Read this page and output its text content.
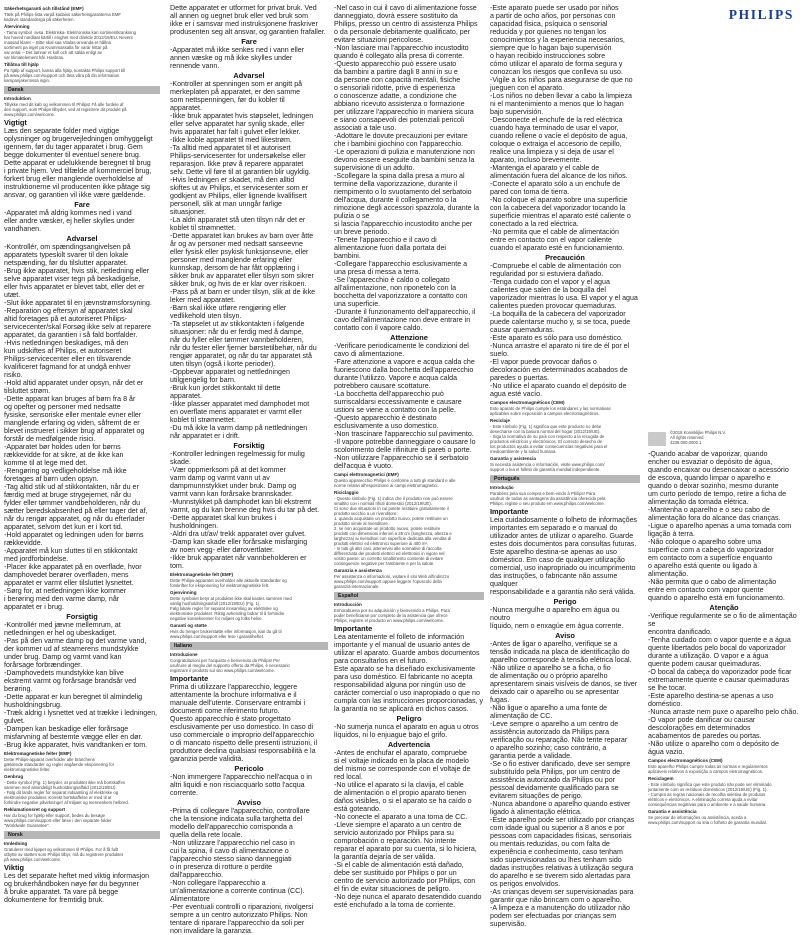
PHILIPS
Säkerhetsgaranti och tillstånd (EMF)

Tänk på Philips-lista varpå kadaiss säkerhetsgaranterna EMF
kadavis standarderga på säkerheten.

Återvinning

- Tama symbol  avsa. Elektriska- Elektroniska kan sortimentkrankning
har hoved nördlaat kärtill i enighet med direktiv 2012/19/EU. Nevent
massad klaret -- Bitte skal saa Vitalas-anvanda et hållna
sortiment pa inget pa Kvarnmassalla för varar hittar på
var antal -- Det lamnar et koll och att sälda enligt av
var klimatelement hål. Hasbras.

Tillåtna till hjälp

Pa hjälp af support, kansa alla hjälp, kontakta Philips support till
på www.philips.com/support och läsa våra på din information
kampanjakernissa ingin.

Dansk
Introduktion

Tillykke med dit køb og velkommen til Philips! Få alle fordele af
den support, som Philips tilbyder, ved at registrere dit produkt på
www.philips.com/welcome.

Vigtigt

Læs den separate folder med vigtige
oplysninger og brugervejledningen omhyggeligt
igennem, før du tager apparatet i brug. Gem
begge dokumenter til eventuel senere brug.
Dette apparat er udelukkende beregnet til brug
i private hjem. Ved tilfælde af kommerciel brug,
forkert brug eller manglende overholdelse af
instruktionerne vil producenten ikke påtage sig
ansvar, og garantien vil ikke være gældende.

Fare

-Apparatet må aldrig kommes ned i vand
eller andre væsker, ej heller skylles under
vandhanen.

Advarsel

-Kontrollér, om spændingsangivelsen på
apparatets typeskilt svarer til den lokale
netspænding, før du tilslutter apparatet.
-Brug ikke apparatet, hvis stik, netledning eller
selve apparatet viser tegn på beskadigelse,
eller hvis apparatet er blevet tabt, eller det er
utæt.
-Slut ikke apparatet til en jævnstrømsforsyning.
-Reparation og eftersyn af apparatet skal
altid foretages på et autoriseret Philips-
servicecenter/skal Forsøg ikke selv at reparere
apparatet, da garantien i så fald bortfalder.
-Hvis netledningen beskadiges, må den
kun udskiftes af Philips, et autoriseret
Philips-servicecenter eller en tilsvarende
kvalificeret fagmand for at undgå enhver
risiko.
-Hold altid apparatet under opsyn, når det er
tilsluttet strøm.
-Dette apparat kan bruges af børn fra 8 år
og opefter og personer med nedsatte
fysiske, sensoriske eller mentale evner eller
manglende erfaring og viden, såfremt de er
blevet instrueret i sikker brug af apparatet og
forstår de medfølgende risici.
-Apparatet bør holdes uden for børns
rækkevidde for at sikre, at de ikke kan
komme til at lege med det.
-Rengøring og vedligeholdelse må ikke
foretages af børn uden opsyn.
-Tag altid stik ud af stikkontakten, når du er
færdig med at bruge strygejernet, når du
fylder eller tømmer vandbeholderen, når du
sætter beredskabsenhed på eller tager det af,
når du rengør apparatet, og når du efterlader
apparatet, selvom det kun er i kort tid.
-Hold apparatet og ledningen uden for børns
rækkevidde.
-Apparatet må kun sluttes til en stikkontakt
med jordforbindelse.
-Placer ikke apparatet på en overflade, hvor
damphovedet berører overfladen, mens
apparatet er varmt eller tilsluttet lysnettet.
-Sørg for, at netledningen ikke kommer
i berøring med den varme damp, når
apparatet er i brug.

Forsigtig

-Kontrollér med jævne mellemrum, at
netledningen er hel og ubeskadiget.
-Pas på den varme damp og det varme vand,
der kommer ud af steamerens mundstykke
under brug. Damp og varmt vand kan
forårsage forbrændinger.
-Damphovedets mundstykke kan blive
ekstremt varmt og forårsage brandsår ved
berøring.
-Dette apparat er kun beregnet til almindelig
husholdningsbrug.
-Træk aldrig i lysnettet ved at trække i ledningen,
gulvet.
-Dampen kan beskadige eller forårsage
misfarvning af bestemte vægge eller en dør.
-Brug ikke apparatet, hvis vandtanken er tom.

Elektromagnetiske felter (EMF)

Dette Philips-apparat overholder alle branchens
gældende standarder og regler angående eksponering for
elektromagnetiske felter.

Genbrug

- Dette symbol (Fig. 1) betyder, at produktet ikke må bortskaffes
sammen med almindeligt husholdningsaffald (2012/19/EU).
- Følg dit lands regler for separat indsamling af elektriske og
elektroniske produkter. Korrekt bortskaffelse er med til at
forhindre negative påvirkninger af miljøet og menneskers helbred.

Reklamationsret og support

Har du brug for hjælp eller support, bedes du besøge
www.philips.com/support eller læse i den separate folder
"Worldwide Guarantee".

Norsk
Innledning

Gratulerer med kjøpet og velkommen til Philips. For å få fullt
utbytte av støtten som Philips tilbyr, må du registrere produktet
på www.philips.com/welcome.

Viktig

Les det separate heftet med viktig informasjon
og brukerhåndboken nøye før du begynner
å bruke apparatet. Ta vare på begge
dokumentene for fremtidig bruk.

Dette apparatet er utformet for privat bruk. Ved
all annen og uegnet bruk eller ved bruk som
ikke er i samsvar med instruksjonene fraskriver
produsenten seg alt ansvar, og garantien frafaller.

Fare

-Apparatet må ikke senkes ned i vann eller
annen væske og må ikke skylles under
rennende vann.

Advarsel

-Kontroller at spenningen som er angitt på
merkeplaten på apparatet, er den samme
som nettspenningen, før du kobler til
apparatet.
-Ikke bruk apparatet hvis støpselet, ledningen
eller selve apparatet har synlig skade, eller
hvis apparatet har falt i gulvet eller lekker.
-Ikke koble apparatet til med likestrøm.
-Ta alltid med apparatet til et autorisert
Philips-servicesenter for undersøkelse eller
reparasjon. Ikke prøv å reparere apparatet
selv. Dette vil føre til at garantien blir ugyldig.
-Hvis ledningen er skadet, må den alltid
skiftes ut av Philips, et servicesenter som er
godkjent av Philips, eller lignende kvalifisert
personell, slik at man unngår farlige
situasjoner.
-La aldri apparatet stå uten tilsyn når det er
koblet til strømnettet.
-Dette apparatet kan brukes av barn over åtte
år og av personer med nedsatt sanseevne
eller fysisk eller psykisk funksjonsevne, eller
personer med manglende erfaring eller
kunnskap, dersom de har fått opplæring i
sikker bruk av apparatet eller tilsyn som sikrer
sikker bruk, og hvis de er klar over risikoen.
-Pass på at barn er under tilsyn, slik at de ikke
leker med apparatet.
-Barn skal ikke utføre rengjøring eller
vedlikehold uten tilsyn.
-Ta støpselet ut av stikkontakten i følgende
situasjoner: når du er ferdig med å dampe,
når du fyller eller tømmer vannbeholderen,
når du fester eller fjerner børstetilbehør, når du
rengjør apparatet, og når du tar apparatet stå
uten tilsyn (også i korte perioder).
-Oppbevar apparatet og nettledningen
utilgjengelig for barn.
-Bruk kun jordet stikkontakt til dette
apparatet.
-Ikke plasser apparatet med damphodet mot
en overflate mens apparatet er varmt eller
koblet til strømnettet.
-Du må ikke la varm damp på nettledningen
når apparatet er i drift.

Forsiktig

-Kontroller ledningen regelmessig for mulig
skade.
-Vær oppmerksom på at det kommer
varm damp og varmt vann ut av
dampmunnstykket under bruk. Damp og
varmt vann kan forårsake brannskader.
-Munnstykket på damphodet kan bli ekstremt
varmt, og du kan brenne deg hvis du tar på det.
-Dette apparatet skal kun brukes i
husholdningen.
-Aldri dra ut/av/ trekk apparatet over gulvet.
-Damp kan skade eller forårsake misfarging
av noen vegg- eller dørovertlater.
-Ikke bruk apparatet når vannbeholderen er
tom.

Elektromagnetiske felt (EMF)

Dette Philips-apparatet overholder alle aktuelle standarder og
forskrifter for eksponering for elektromagnetiske felt.

Gjenvinning

Dette symbolet betyr at produktet ikke skal kastes sammen med
vanlig husholdningsavfall (2012/19/EU) (Fig. 1).
Følg lokale regler for separat innsamling av elektriske og
elektroniske produkter. Riktig avhending bidrar til å forhindre
negative konsekvenser for miljøet og folks helse.

Garanti og støtte

Hvis du trenger brukerstøtte eller informasjon, kan du gå til
www.philips.com/support eller lese i garantiheftet.

Italiano
Introduzione

Congratulazioni per l'acquisto e benvenuto da Philips! Per
usufruire al meglio del supporto offerto da Philips, è necessario
registrare il prodotto sul sito www.philips.com/welcome.

Importante

Prima di utilizzare l'apparecchio, leggere
attentamente la brochure informativa e il
manuale dell'utente. Conservare entrambi i
documenti come riferimento futuro.
Questo apparecchio è stato progettato
esclusivamente per uso domestico. In caso di
uso commerciale o improprio dell'apparecchio
o di mancato rispetto delle presenti istruzioni, il
produttore declina qualsiasi responsabilità e la
garanzia perde validità.

Pericolo

-Non immergere l'apparecchio nell'acqua o in
altri liquidi e non risciacquarlo sotto l'acqua
corrente.

Avviso

-Prima di collegare l'apparecchio, controllare
che la tensione indicata sulla targhetta del
modello dell'apparecchio corrisponda a
quella della rete locale.
-Non utilizzare l'apparecchio nel caso in
cui la spina, il cavo di alimentazione o
l'apparecchio stesso siano danneggiati
o in presenza di rotture o perdite
dall'apparecchio.
-Non collegare l'apparecchio a
un'alimentazione a corrente continua (CC).
Alimentatore
-Per eventuali controlli o riparazioni, rivolgersi
sempre a un centro autorizzato Philips. Non
tentare di riparare l'apparecchio da soli per
non invalidare la garanzia.

-Nel caso in cui il cavo di alimentazione fosse
danneggiato, dovrà essere sostituito da
Philips, presso un centro di assistenza Philips
o da personale debitamente qualificato, per
evitare situazioni pericolose.
-Non lasciare mai l'apparecchio incustodito
quando è collegato alla presa di corrente.
-Questo apparecchio può essere usato
da bambini a partire dagli 8 anni in su e
da persone con capacità mentali, fisiche
o sensoriali ridotte, prive di esperienza
o conoscenze adatte, a condizione che
abbiano ricevuto assistenza o formazione
per utilizzare l'apparecchio in maniera sicura
e siano consapevoli dei potenziali pericoli
associati a tale uso.
-Adottare le dovute precauzioni per evitare
che i bambini giochino con l'apparecchio.
-Le operazioni di pulizia e manutenzione non
devono essere eseguite da bambini senza la
supervisione di un adulto.
-Scollegare la spina dalla presa a muro al
termine della vaporizzazione, durante il
riempimento o lo svuotamento del serbatoio
dell'acqua, durante il collegamento o la
rimozione degli accessori spazzola, durante la pulizia o se
si lascia l'apparecchio incustodito anche per
un breve periodo.
-Tenete l'apparecchio e il cavo di
alimentazione fuori dalla portata dei
bambini.
-Collegare l'apparecchio esclusivamente a
una presa di messa a terra.
-Se l'apparecchio è caldo o collegato
all'alimentazione, non riponetelo con la
bocchetta del vaporizzatore a contatto con
una superficie.
-Durante il funzionamento dell'apparecchio, il
cavo dell'alimentazione non deve entrare in
contatto con il vapore caldo.

Attenzione

-Verificare periodicamente le condizioni del
cavo di alimentazione.
-Fare attenzione a vapore e acqua calda che
fuoriescono dalla bocchetta dell'apparecchio
durante l'utilizzo. Vapore e acqua calda
potrebbero causare scottature.
-La bocchetta dell'apparecchio può
surriscaldarsi eccessivamente e causare
ustioni se viene a contatto con la pelle.
-Questo apparecchio è destinato
esclusivamente a uso domestico.
-Non trascinare l'apparecchio sul pavimento.
-Il vapore potrebbe danneggiare o causare lo
scolorimento delle rifiniture di pareti o porte.
-Non utilizzare l'apparecchio se il serbatoio
dell'acqua è vuoto.

Campi elettromagnetici (EMF)

Questo apparecchio Philips è conforme a tutti gli standard e alle
norme relativi all'esposizione ai campi elettromagnetici.

Riciclaggio

- Questo simbolo (Fig. 1) indica che il prodotto non può essere
smaltito con i normali rifiuti domestici (2012/19/UE).
Ci sono due situazioni in cui potete restituire gratuitamente il
prodotto vecchio a un rivenditore:
1. quando acquistate un prodotto nuovo, potete restituire un
prodotto simile al rivenditore.
2. se non acquistate un prodotto nuovo, potete restituire
prodotti con dimensioni inferiori a 25 cm (lunghezza, altezza e
larghezza) ai rivenditori con superficie dedicata alla vendita di
prodotti elettrici ed elettronici superiore ai 400 m².
- In tutti gli altri casi, attenervisi alle normative di raccolta
differenziata dei prodotti elettrici ed elettronici in vigore nel
vostro paese: un corretto smaltimento consente di evitare
conseguenze negative per l'ambiente e per la salute.

Garanzia e assistenza

Per assistenza o informazioni, visitare il sito Web all'indirizzo
www.philips.com/support oppure leggere l'opuscolo della
garanzia internazionale.

Español
Introducción

Enhorabuena por su adquisición y bienvenido a Philips. Para
poder beneficiarse por completo de la asistencia que ofrece
Philips, registre el producto en www.philips.com/welcome.

Importante

Lea atentamente el folleto de información
importante y el manual de usuario antes de
utilizar el aparato. Guarde ambos documentos
para consultarlos en el futuro.
Este aparato se ha diseñado exclusivamente
para uso doméstico. El fabricante no acepta
responsabilidad alguna por ningún uso de
carácter comercial o uso inapropiado o que no
cumpla con las instrucciones proporcionadas, y
la garantía no se aplicará en dichos casos.

Peligro

-No sumerja nunca el aparato en agua u otros
líquidos, ni lo enjuague bajo el grifo.

Advertencia

-Antes de enchufar el aparato, compruebe
si el voltaje indicado en la placa de modelo
del mismo se corresponde con el voltaje de
red local.
-No utilice el aparato si la clavija, el cable
de alimentación o el propio aparato tienen
daños visibles, o si el aparato se ha caído o
está goteando.
-No conecte el aparato a una toma de CC.
-Lleve siempre el aparato a un centro de
servicio autorizado por Philips para su
comprobación o reparación. No intente
reparar el aparato por su cuenta, si lo hiciera,
la garantía dejaría de ser válida.
-Si el cable de alimentación está dañado,
debe ser sustituido por Philips o por un
centro de servicio autorizado por Philips, con
el fin de evitar situaciones de peligro.
-No deje nunca el aparato desatendido cuando
esté enchufado a la toma de corriente.

-Este aparato puede ser usado por niños
a partir de ocho años, por personas con
capacidad física, psíquica o sensorial
reducida y por quienes no tengan los
conocimientos y la experiencia necesarios,
siempre que lo hagan bajo supervisión
o hayan recibido instrucciones sobre
cómo utilizar el aparato de forma segura y
conozcan los riesgos que conlleva su uso.
-Vigile a los niños para asegurarse de que no
jueguen con el aparato.
-Los niños no deben llevar a cabo la limpieza
ni el mantenimiento a menos que lo hagan
bajo supervisión.
-Desconecte el enchufe de la red eléctrica
cuando haya terminado de usar el vapor,
cuando rellene o vacíe el depósito de agua,
coloque o extraiga el accesorio de cepillo,
realice una limpieza y si deja de usar el
aparato, incluso brevemente.
-Mantenga el aparato y el cable de
alimentación fuera del alcance de los niños.
-Conecte el aparato sólo a un enchufe de
pared con toma de tierra.
-No coloque el aparato sobre una superficie
con la cabecera del vaporizador tocando la
superficie mientras el aparato esté caliente o
conectado a la red eléctrica.
-No permita que el cable de alimentación
entre en contacto con el vapor caliente
cuando el aparato esté en funcionamiento.

Precaución

-Compruebe el cable de alimentación con
regularidad por si estuviera dañado.
-Tenga cuidado con el vapor y el agua
calientes que salen de la boquilla del
vaporizador mientras lo usa. El vapor y el agua
calientes pueden provocar quemaduras.
-La boquilla de la cabecera del vaporizador
puede calentarse mucho y, si se toca, puede
causar quemaduras.
-Este aparato es sólo para uso doméstico.
-Nunca arrastre el aparato ni tire de él por el
suelo.
-El vapor puede provocar daños o
decoloración en determinados acabados de
paredes o puertas.
-No utilice el aparato cuando el depósito de
agua esté vacío.

Campos electromagnéticos (CEM)

Este aparato de Philips cumple los estándares y las normativas
aplicables sobre exposición a campos electromagnéticos.

Reciclaje

- Este símbolo (Fig. 1) significa que este producto no debe
desecharse con la basura normal del hogar (2012/19/UE).
- Siga la normativa de su país con respecto a la recogida de
productos eléctricos y electrónicos. El correcto desecho de
los productos ayuda a evitar consecuencias negativas para el
medioambiente y la salud humana.

Garantía y asistencia

Si necesita asistencia o información, visite www.philips.com/
support o lea el folleto de garantía mundial independiente.

Português
Introdução

Parabéns pela sua compra e bem-vindo à Philips! Para
usufruir de todas as vantagens da assistência oferecida pela
Philips, registe o seu produto em www.philips.com/welcome.

Importante

Leia cuidadosamente o folheto de informações
importantes em separado e o manual do
utilizador antes de utilizar o aparelho. Guarde
estes dois documentos para consultas futuras.
Este aparelho destina-se apenas ao uso
doméstico. Em caso de qualquer utilização
comercial, uso inapropriado ou incumprimento
das instruções, o fabricante não assume qualquer
responsabilidade e a garantia não será válida.

Perigo

-Nunca mergulhe o aparelho em água ou noutro
líquido, nem o enxagúe em água corrente.

Aviso

-Antes de ligar o aparelho, verifique se a
tensão indicada na placa de identificação do
aparelho corresponde à tensão elétrica local.
-Não utilize o aparelho se a ficha, o fio
de alimentação ou o próprio aparelho
apresentarem sinais visíveis de danos, se tiver
deixado cair o aparelho ou se apresentar fugas.
-Não ligue o aparelho a uma fonte de
alimentação de CC.
-Leve sempre o aparelho a um centro de
assistência autorizado da Philips para
verificação ou reparação. Não tente reparar
o aparelho sozinho; caso contrário, a
garantia perde a validade.
-Se o fio estiver danificado, deve ser sempre
substituído pela Philips, por um centro de
assistência autorizado da Philips ou por
pessoal devidamente qualificado para se
evitarem situações de perigo.
-Nunca abandone o aparelho quando estiver
ligado à alimentação elétrica.
-Este aparelho pode ser utilizado por crianças
com idade igual ou superior a 8 anos e por
pessoas com capacidades físicas, sensoriais
ou mentais reduzidas, ou com falta de
experiência e conhecimento, caso tenham
sido supervisionadas ou lhes tenham sido
dadas instruções relativas à utilização segura
do aparelho e se tiverem sido alertadas para
os perigos envolvidos.
-As crianças devem ser supervisionadas para
garantir que não brincam com o aparelho.
-A limpeza e a manutenção do utilizador não
podem ser efectuadas por crianças sem
supervisão.

©2018 Koninklijke Philips N.V.
All rights reserved
4239.000.0000.1

-Quando acabar de vaporizar, quando
encher ou esvaziar o depósito de água,
quando encaixar ou desencaixar o acessório
de escova, quando limpar o aparelho e
quando o deixar sozinho, mesmo durante
um curto período de tempo, retire a ficha de
alimentação da tomada elétrica.
-Mantenha o aparelho e o seu cabo de
alimentação fora do alcance das crianças.
-Ligue o aparelho apenas a uma tomada com
ligação à terra.
-Não coloque o aparelho sobre uma
superfície com a cabeça do vaporizador
em contacto com a superfície enquanto
o aparelho está quente ou ligado à
alimentação.
-Não permita que o cabo de alimentação
entre em contacto com vapor quente
quando o aparelho está em funcionamento.

Atenção

-Verifique regularmente se o fio de alimentação se
encontra danificado.
-Tenha cuidado com o vapor quente e a água
quente libertados pelo bocal do vaporizador
durante a utilização. O vapor e a água
quente podem causar queimaduras.
-O bocal da cabeça do vaporizador pode ficar
extremamente quente e causar queimaduras
se lhe tocar.
-Este aparelho destina-se apenas a uso
doméstico.
-Nunca arraste nem puxe o aparelho pelo chão.
-O vapor pode danificar ou causar
descolorações em determinados
acabamentos de paredes ou portas.
-Não utilize o aparelho com o depósito de
água vazio.

Campos electromagnéticos (CEM)

Este aparelho Philips cumpre todas as normas e regulamentos
aplicáveis relativos à exposição a campos eletromagnéticos.

Reciclagem

- Este símbolo significa que este produto não pode ser eliminado
juntamente com os resíduos domésticos (2012/19/UE) (Fig. 1).
- Cumpra as regras nacionais de recolha seletiva de produtos
elétricos e eletrónicos. A eliminação correta ajuda a evitar
consequências negativas para o ambiente e a saúde humana.

Garantia e assistência

Se precisar de informações ou assistência, aceda a
www.philips.com/support ou leia o folheto de garantia mundial.
